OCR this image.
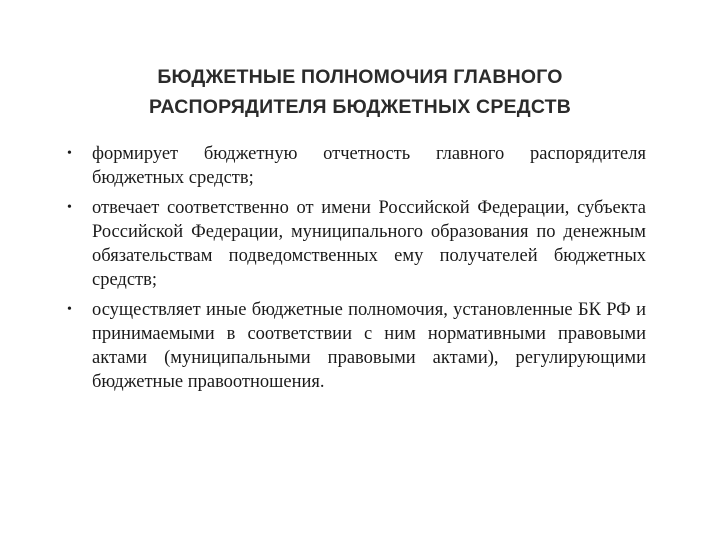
БЮДЖЕТНЫЕ ПОЛНОМОЧИЯ ГЛАВНОГО
РАСПОРЯДИТЕЛЯ БЮДЖЕТНЫХ СРЕДСТВ
• формирует бюджетную отчетность главного распорядителя бюджетных средств;
• отвечает соответственно от имени Российской Федерации, субъекта Российской Федерации, муниципального образования по денежным обязательствам подведомственных ему получателей бюджетных средств;
• осуществляет иные бюджетные полномочия, установленные БК РФ и принимаемыми в соответствии с ним нормативными правовыми актами (муниципальными правовыми актами), регулирующими бюджетные правоотношения.
